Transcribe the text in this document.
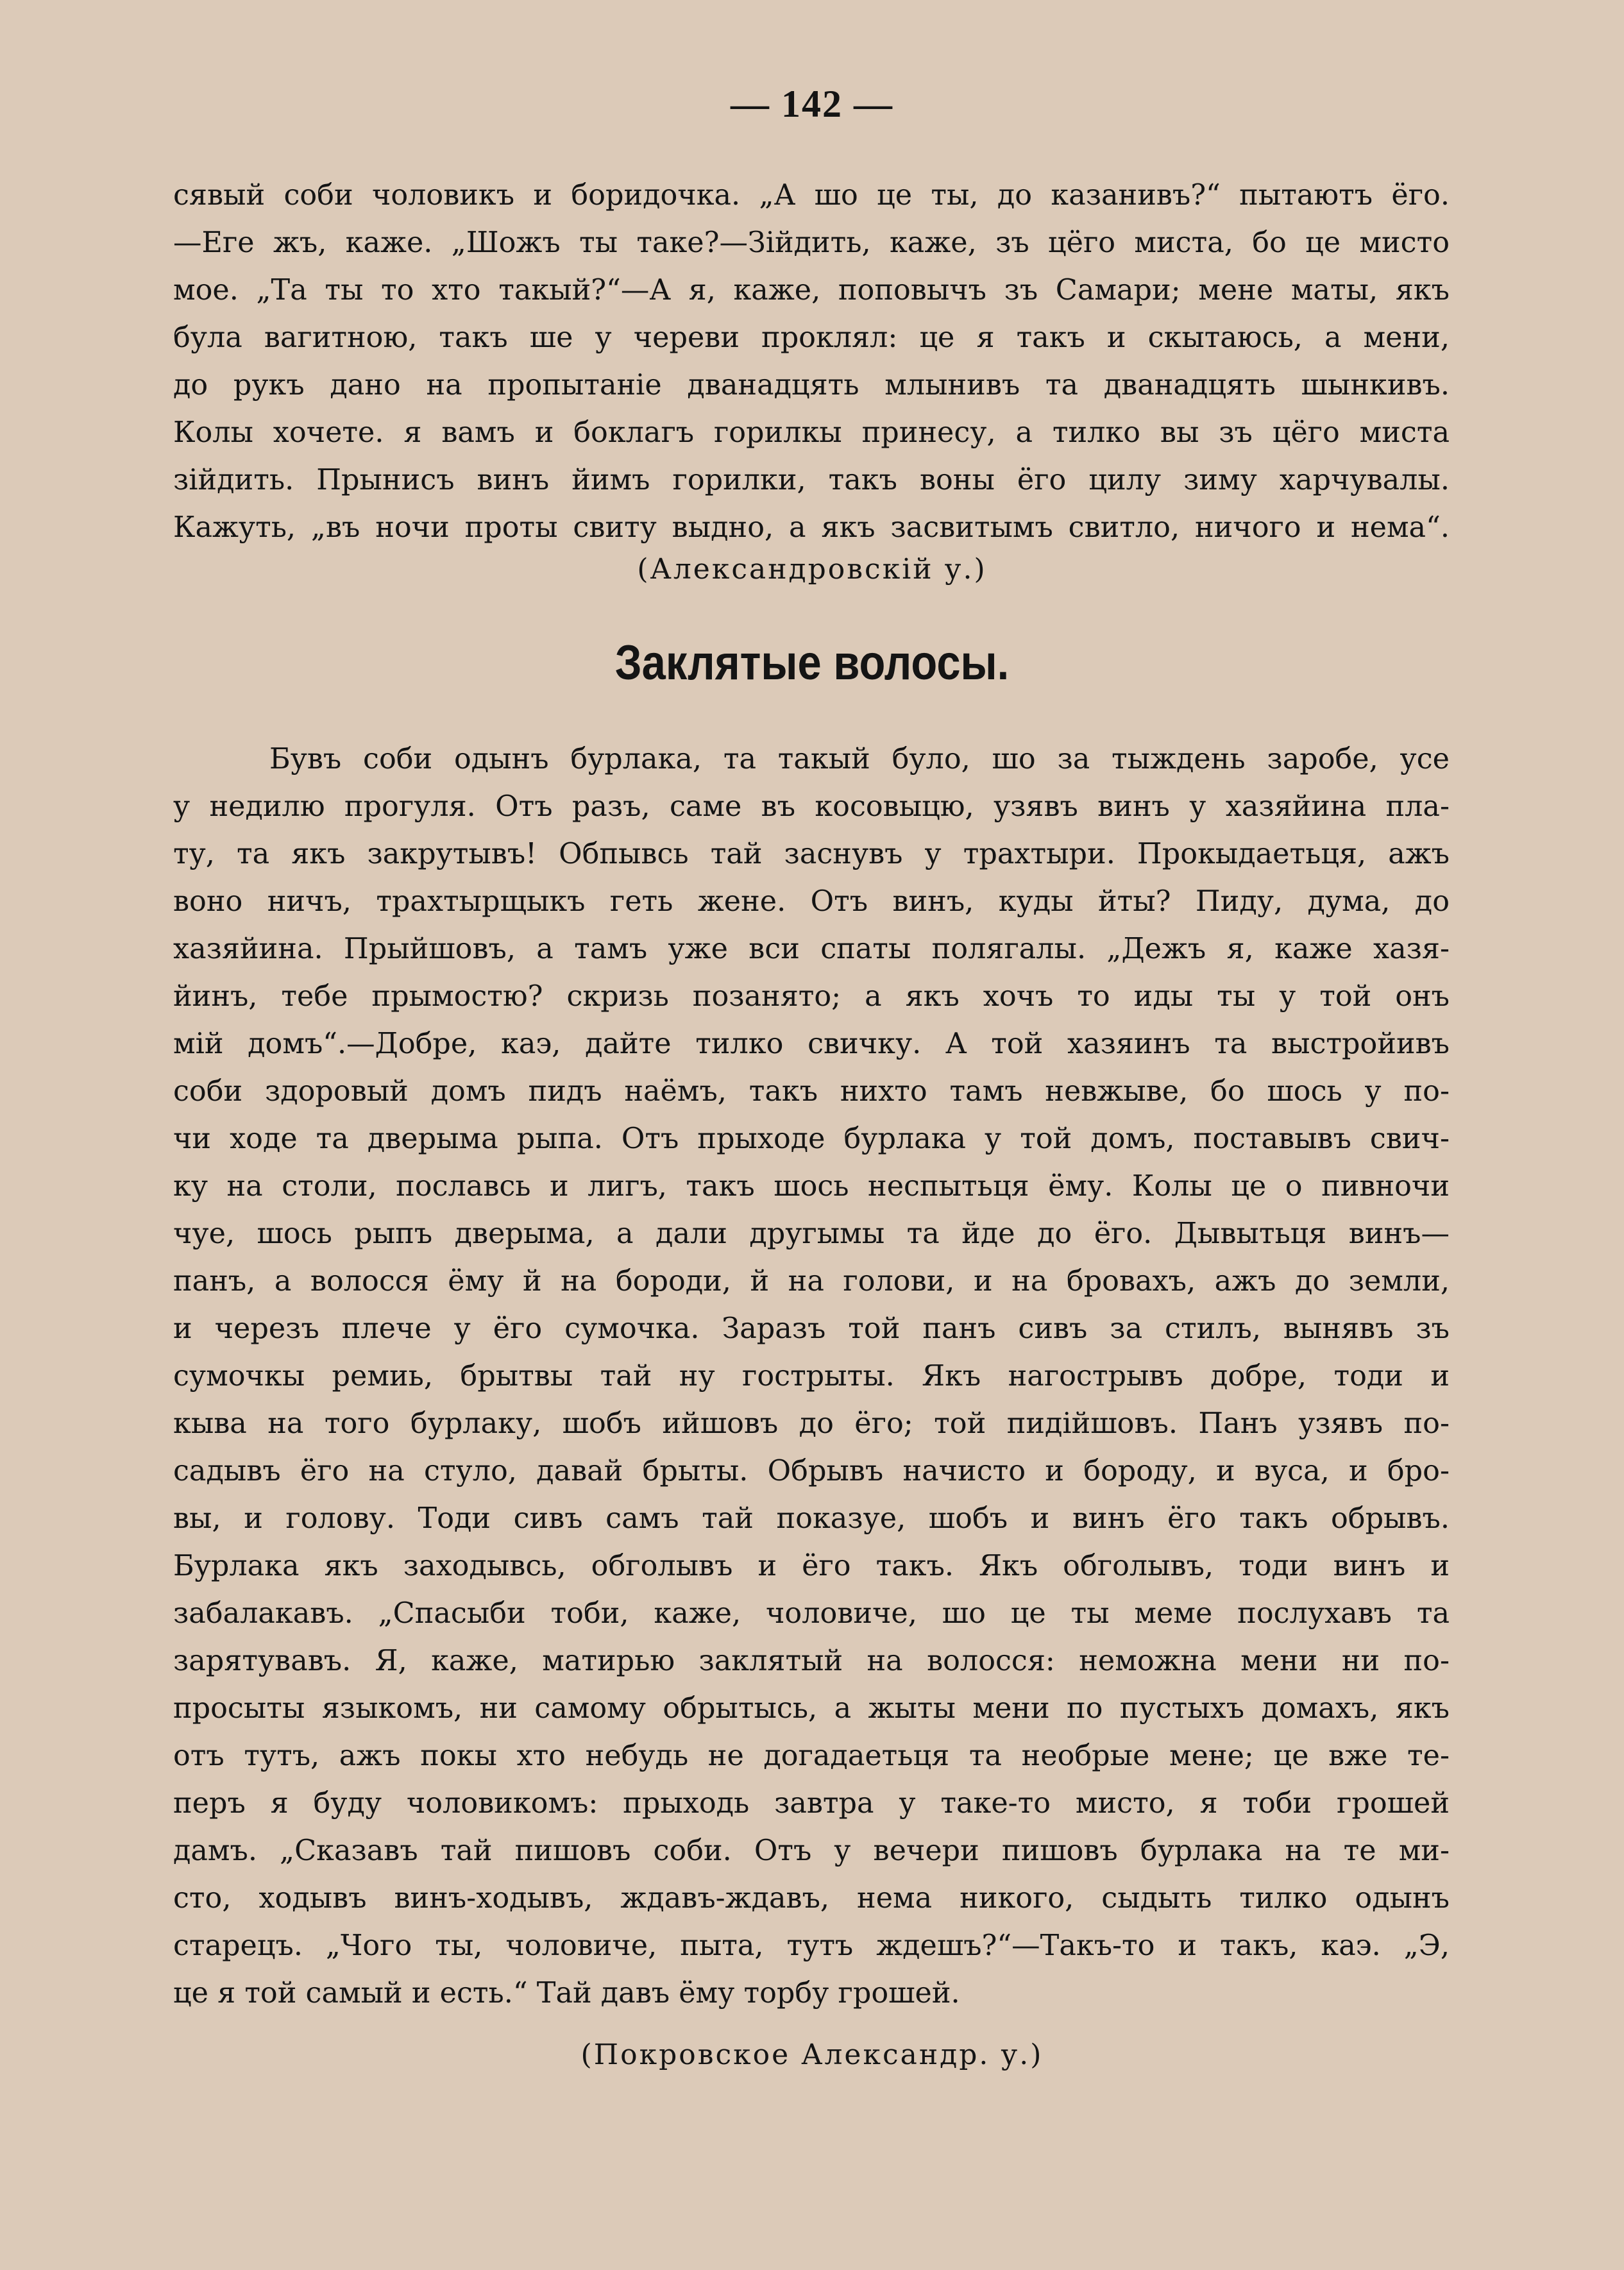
— 142 —
сявый соби чоловикъ и боридочка. „А шо це ты, до казанивъ?“ пытаютъ ёго.
—Еге жъ, каже. „Шожъ ты таке?—Зійдить, каже, зъ цёго миста, бо це мисто
мое. „Та ты то хто такый?“—А я, каже, поповычъ зъ Самари; мене маты, якъ
була вагитною, такъ ше у череви проклял: це я такъ и скытаюсь, а мени,
до рукъ дано на пропытаніе дванадцять млынивъ та дванадцять шынкивъ.
Колы хочете. я вамъ и боклагъ горилкы принесу, а тилко вы зъ цёго миста
зійдить. Прынисъ винъ йимъ горилки, такъ воны ёго цилу зиму харчувалы.
Кажуть, „въ ночи проты свиту выдно, а якъ засвитымъ свитло, ничого и нема“.
(Александровскій у.)
Заклятые волосы.
Бувъ соби одынъ бурлака, та такый було, шо за тыждень заробе, усе
у недилю прогуля. Отъ разъ, саме въ косовыцю, узявъ винъ у хазяйина пла-
ту, та якъ закрутывъ! Обпывсь тай заснувъ у трахтыри. Прокыдаетьця, ажъ
воно ничъ, трахтырщыкъ геть жене. Отъ винъ, куды йты? Пиду, дума, до
хазяйина. Прыйшовъ, а тамъ уже вси спаты полягалы. „Дежъ я, каже хазя-
йинъ, тебе прымостю? скризь позанято; а якъ хочъ то иды ты у той онъ
мій домъ“.—Добре, каэ, дайте тилко свичку. А той хазяинъ та выстройивъ
соби здоровый домъ пидъ наёмъ, такъ нихто тамъ невжыве, бо шось у по-
чи ходе та дверыма рыпа. Отъ прыходе бурлака у той домъ, поставывъ свич-
ку на столи, пославсь и лигъ, такъ шось неспытьця ёму. Колы це о пивночи
чуе, шось рыпъ дверыма, а дали другымы та йде до ёго. Дывытьця винъ—
панъ, а волосся ёму й на бороди, й на голови, и на бровахъ, ажъ до земли,
и черезъ плече у ёго сумочка. Заразъ той панъ сивъ за стилъ, вынявъ зъ
сумочкы ремиь, брытвы тай ну гострыты. Якъ нагострывъ добре, тоди и
кыва на того бурлаку, шобъ ийшовъ до ёго; той пидійшовъ. Панъ узявъ по-
садывъ ёго на стуло, давай брыты. Обрывъ начисто и бороду, и вуса, и бро-
вы, и голову. Тоди сивъ самъ тай показуе, шобъ и винъ ёго такъ обрывъ.
Бурлака якъ заходывсь, обголывъ и ёго такъ. Якъ обголывъ, тоди винъ и
забалакавъ. „Спасыби тоби, каже, чоловиче, шо це ты меме послухавъ та
зарятувавъ. Я, каже, матирью заклятый на волосся: неможна мени ни по-
просыты языкомъ, ни самому обрытысь, а жыты мени по пустыхъ домахъ, якъ
отъ тутъ, ажъ покы хто небудь не догадаетьця та необрые мене; це вже те-
перъ я буду чоловикомъ: прыходь завтра у таке-то мисто, я тоби грошей
дамъ. „Сказавъ тай пишовъ соби. Отъ у вечери пишовъ бурлака на те ми-
сто, ходывъ винъ-ходывъ, ждавъ-ждавъ, нема никого, сыдыть тилко одынъ
старецъ. „Чого ты, чоловиче, пыта, тутъ ждешъ?“—Такъ-то и такъ, каэ. „Э,
це я той самый и есть.“ Тай давъ ёму торбу грошей.
(Покровское Александр. у.)
